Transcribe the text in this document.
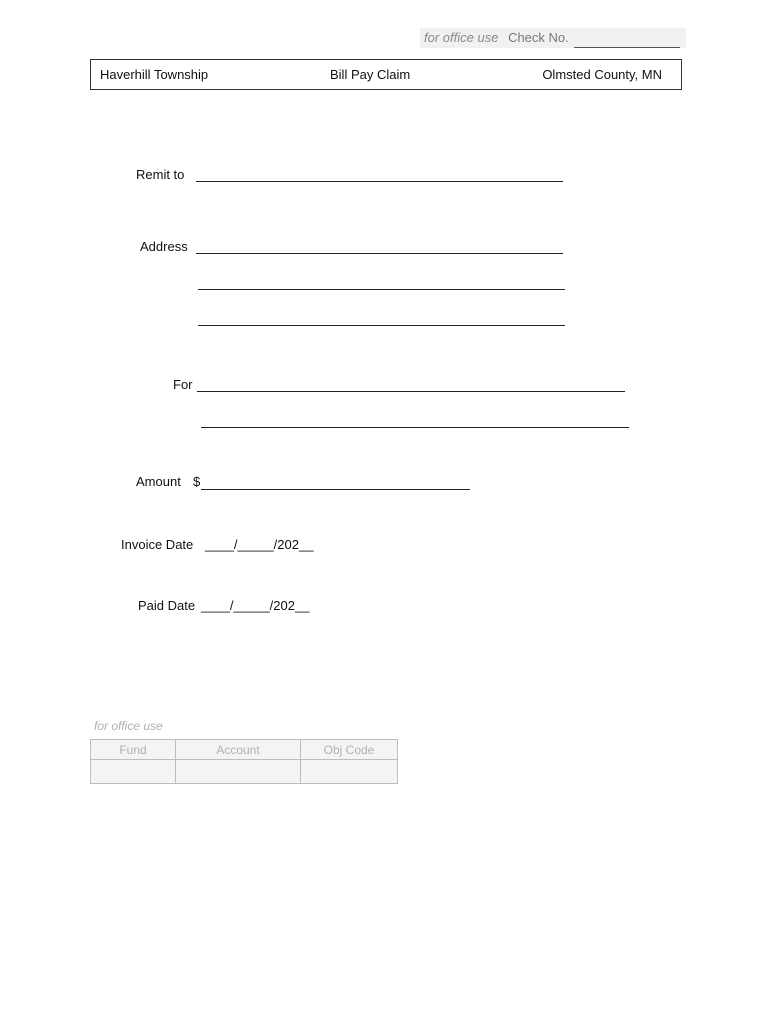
for office use Check No.
Haverhill Township	Bill Pay Claim	Olmsted County, MN
Remit to
Address
For
Amount $
Invoice Date ____/_____/202__
Paid Date ____/_____/202__
for office use
Fund	Account	Obj Code
